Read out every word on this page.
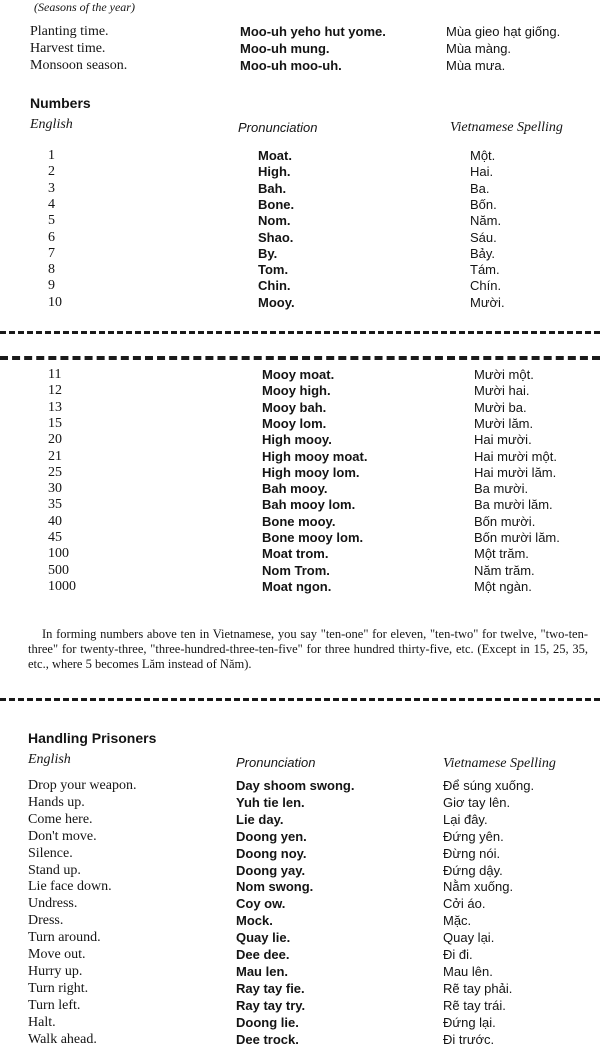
(Seasons of the year)
Planting time.	Moo-uh yeho hut yome.	Mùa gieo hạt giống.
Harvest time.	Moo-uh mung.	Mùa màng.
Monsoon season.	Moo-uh moo-uh.	Mùa mưa.
Numbers
English	Pronunciation	Vietnamese Spelling
1	Moat.	Một.
2	High.	Hai.
3	Bah.	Ba.
4	Bone.	Bốn.
5	Nom.	Năm.
6	Shao.	Sáu.
7	By.	Bảy.
8	Tom.	Tám.
9	Chin.	Chín.
10	Mooy.	Mười.
11	Mooy moat.	Mười một.
12	Mooy high.	Mười hai.
13	Mooy bah.	Mười ba.
15	Mooy lom.	Mười lăm.
20	High mooy.	Hai mười.
21	High mooy moat.	Hai mười một.
25	High mooy lom.	Hai mười lăm.
30	Bah mooy.	Ba mười.
35	Bah mooy lom.	Ba mười lăm.
40	Bone mooy.	Bốn mười.
45	Bone mooy lom.	Bốn mười lăm.
100	Moat trom.	Một trăm.
500	Nom Trom.	Năm trăm.
1000	Moat ngon.	Một ngàn.
In forming numbers above ten in Vietnamese, you say "ten-one" for eleven, "ten-two" for twelve, "two-ten-three" for twenty-three, "three-hundred-three-ten-five" for three hundred thirty-five, etc. (Except in 15, 25, 35, etc., where 5 becomes Lăm instead of Năm).
Handling Prisoners
English	Pronunciation	Vietnamese Spelling
Drop your weapon.	Day shoom swong.	Để súng xuống.
Hands up.	Yuh tie len.	Giơ tay lên.
Come here.	Lie day.	Lại đây.
Don't move.	Doong yen.	Đứng yên.
Silence.	Doong noy.	Đừng nói.
Stand up.	Doong yay.	Đứng dậy.
Lie face down.	Nom swong.	Nằm xuống.
Undress.	Coy ow.	Cởi áo.
Dress.	Mock.	Mặc.
Turn around.	Quay lie.	Quay lại.
Move out.	Dee dee.	Đi đi.
Hurry up.	Mau len.	Mau lên.
Turn right.	Ray tay fie.	Rẽ tay phải.
Turn left.	Ray tay try.	Rẽ tay trái.
Halt.	Doong lie.	Đứng lại.
Walk ahead.	Dee trock.	Đi trước.
